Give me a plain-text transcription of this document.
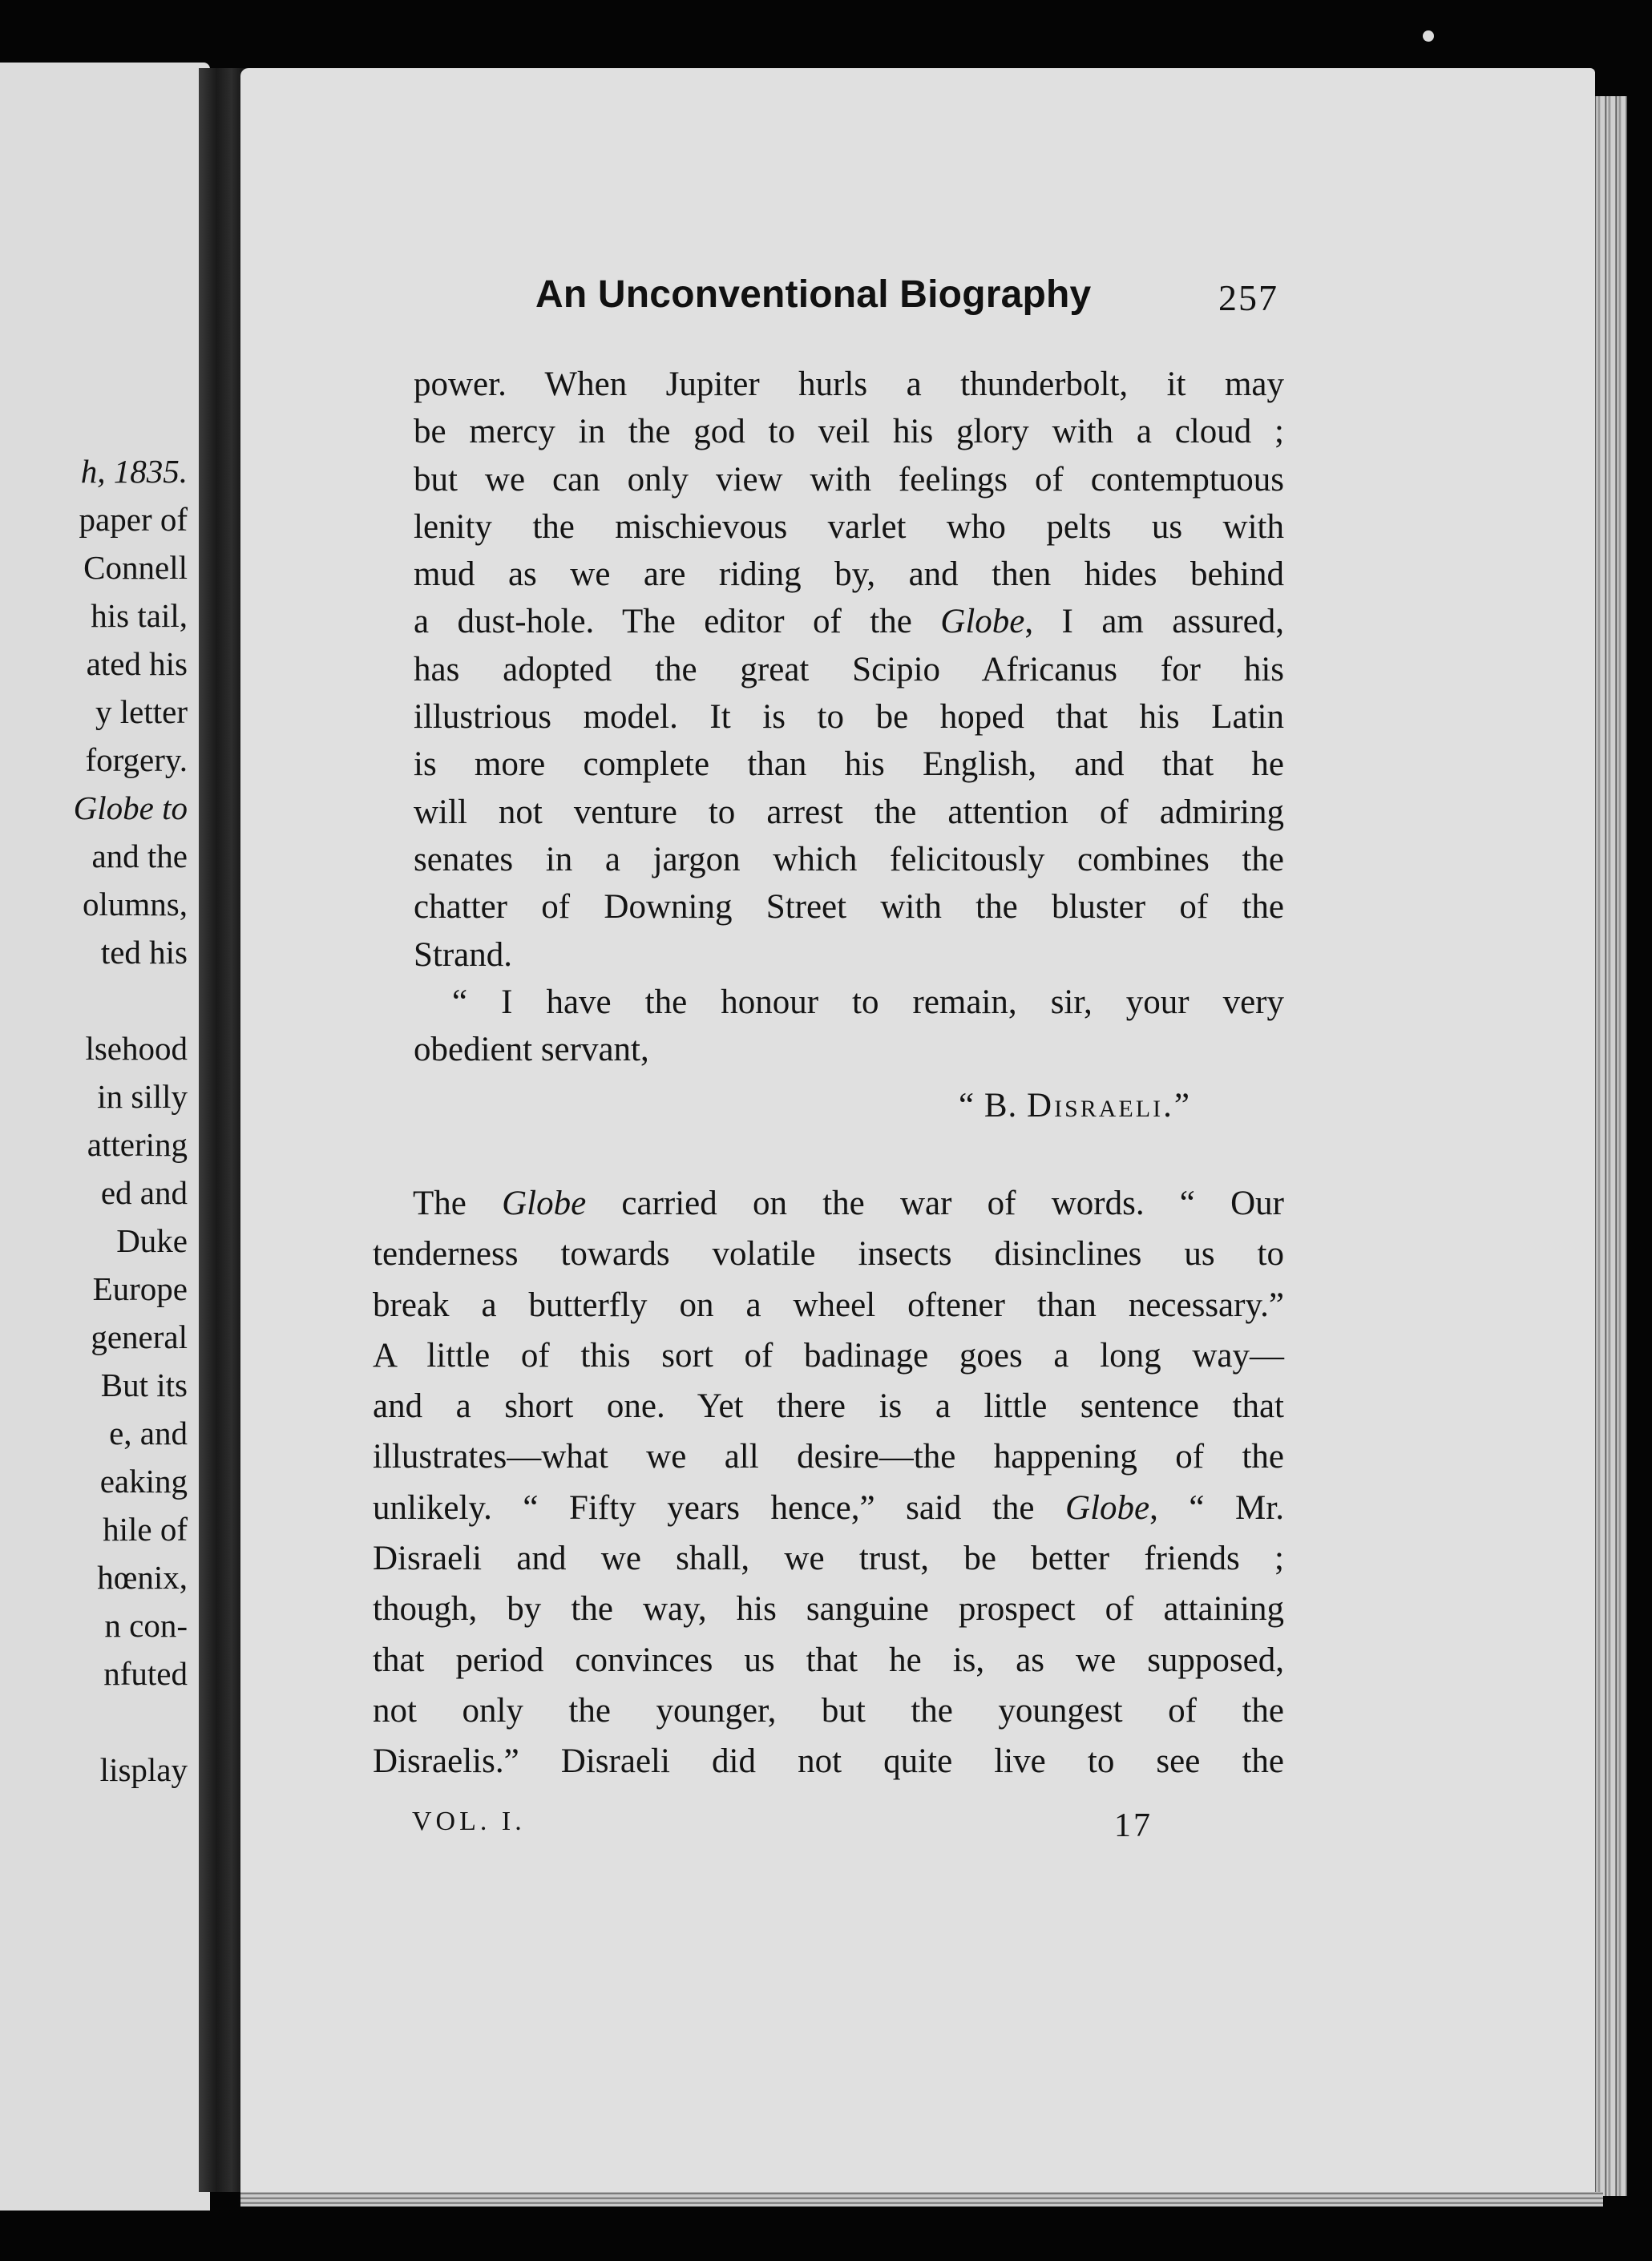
h, 1835.
paper of
Connell
his tail,
ated his
y letter
forgery.
Globe to
and the
olumns,
ted his
lsehood
in silly
attering
ed and
Duke
Europe
general
But its
e, and
eaking
hile of
hœnix,
n con-
nfuted
lisplay
An Unconventional Biography	257
power. When Jupiter hurls a thunderbolt, it may
be mercy in the god to veil his glory with a cloud ;
but we can only view with feelings of contemptuous
lenity the mischievous varlet who pelts us with
mud as we are riding by, and then hides behind
a dust-hole. The editor of the Globe, I am assured,
has adopted the great Scipio Africanus for his
illustrious model. It is to be hoped that his Latin
is more complete than his English, and that he
will not venture to arrest the attention of admiring
senates in a jargon which felicitously combines the
chatter of Downing Street with the bluster of the
Strand.
“ I have the honour to remain, sir, your very
obedient servant,
“ B. Disraeli.”
The Globe carried on the war of words. “ Our
tenderness towards volatile insects disinclines us to
break a butterfly on a wheel oftener than necessary.”
A little of this sort of badinage goes a long way—
and a short one. Yet there is a little sentence that
illustrates—what we all desire—the happening of the
unlikely. “ Fifty years hence,” said the Globe, “ Mr.
Disraeli and we shall, we trust, be better friends ;
though, by the way, his sanguine prospect of attaining
that period convinces us that he is, as we supposed,
not only the younger, but the youngest of the
Disraelis.” Disraeli did not quite live to see the
VOL. I.	17
